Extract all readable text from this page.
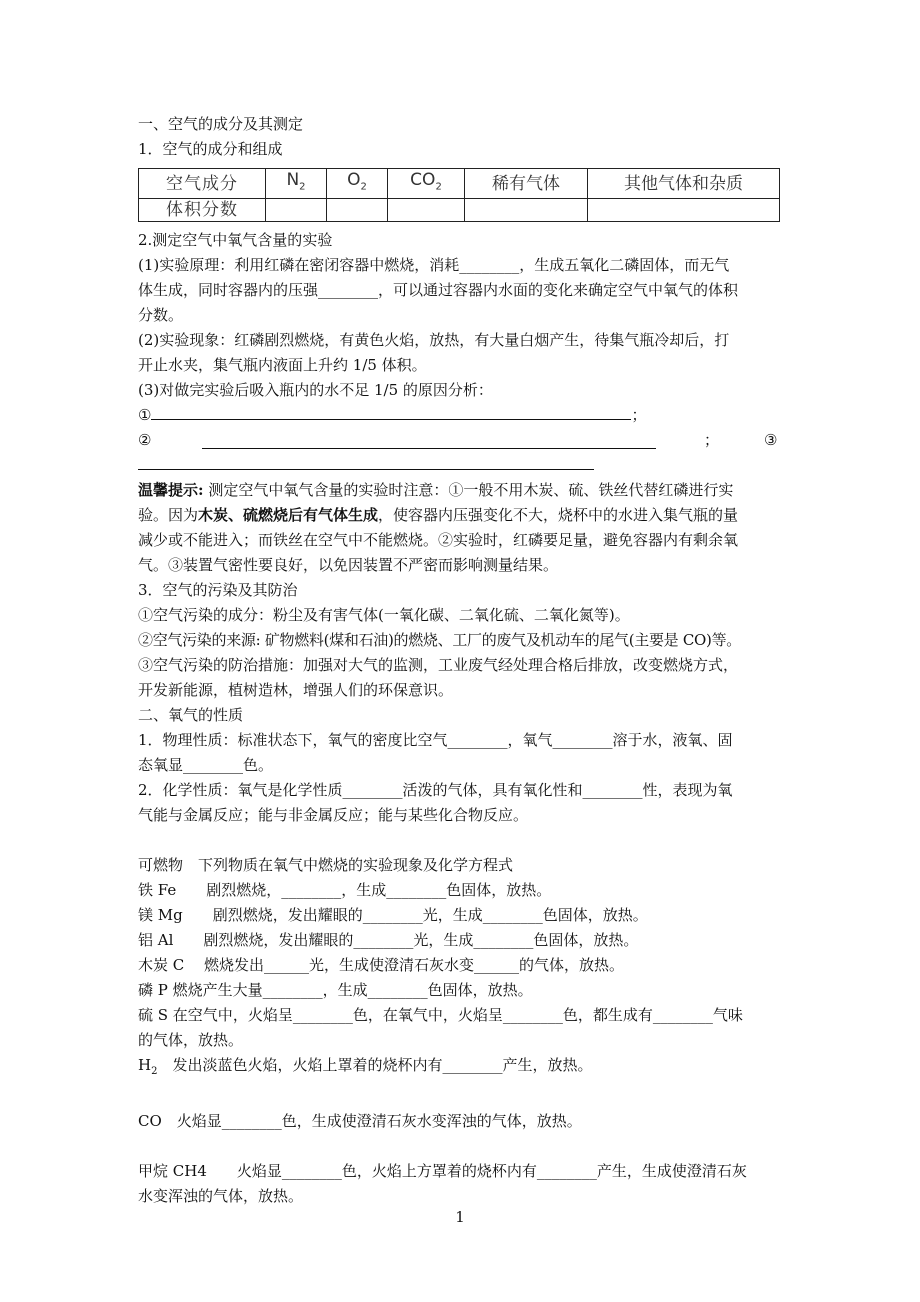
一、空气的成分及其测定
1．空气的成分和组成
空气成分	$N_2$	$O_2$	$CO_2$	稀有气体	其他气体和杂质
体积分数					
2.测定空气中氧气含量的实验
(1)实验原理：利用红磷在密闭容器中燃烧，消耗________，生成五氧化二磷固体，而无气
体生成，同时容器内的压强________，可以通过容器内水面的变化来确定空气中氧气的体积
分数。
(2)实验现象：红磷剧烈燃烧，有黄色火焰，放热，有大量白烟产生，待集气瓶冷却后，打
开止水夹，集气瓶内液面上升约 1/5 体积。
(3)对做完实验后吸入瓶内的水不足 1/5 的原因分析：
①	；
②	；	③
温馨提示: 测定空气中氧气含量的实验时注意：①一般不用木炭、硫、铁丝代替红磷进行实
验。因为木炭、硫燃烧后有气体生成，使容器内压强变化不大，烧杯中的水进入集气瓶的量
减少或不能进入；而铁丝在空气中不能燃烧。②实验时，红磷要足量，避免容器内有剩余氧
气。③装置气密性要良好，以免因装置不严密而影响测量结果。
3．空气的污染及其防治
①空气污染的成分：粉尘及有害气体(一氧化碳、二氧化硫、二氧化氮等)。
②空气污染的来源: 矿物燃料(煤和石油)的燃烧、工厂的废气及机动车的尾气(主要是 CO)等。
③空气污染的防治措施：加强对大气的监测，工业废气经处理合格后排放，改变燃烧方式，
开发新能源，植树造林，增强人们的环保意识。
二、氧气的性质
1．物理性质：标准状态下，氧气的密度比空气________，氧气________溶于水，液氧、固
态氧显________色。
2．化学性质：氧气是化学性质________活泼的气体，具有氧化性和________性，表现为氧
气能与金属反应；能与非金属反应；能与某些化合物反应。
可燃物　下列物质在氧气中燃烧的实验现象及化学方程式
铁 Fe　　剧烈燃烧，________，生成________色固体，放热。
镁 Mg　　剧烈燃烧，发出耀眼的________光，生成________色固体，放热。
铝 Al　　剧烈燃烧，发出耀眼的________光，生成________色固体，放热。
木炭 C　 燃烧发出______光，生成使澄清石灰水变______的气体，放热。
磷 P 燃烧产生大量________，生成________色固体，放热。
硫 S 在空气中，火焰呈________色，在氧气中，火焰呈________色，都生成有________气味
的气体，放热。
$H_2$　发出淡蓝色火焰，火焰上罩着的烧杯内有________产生，放热。
CO　火焰显________色，生成使澄清石灰水变浑浊的气体，放热。
甲烷 CH4　　火焰显________色，火焰上方罩着的烧杯内有________产生，生成使澄清石灰
水变浑浊的气体，放热。
1
